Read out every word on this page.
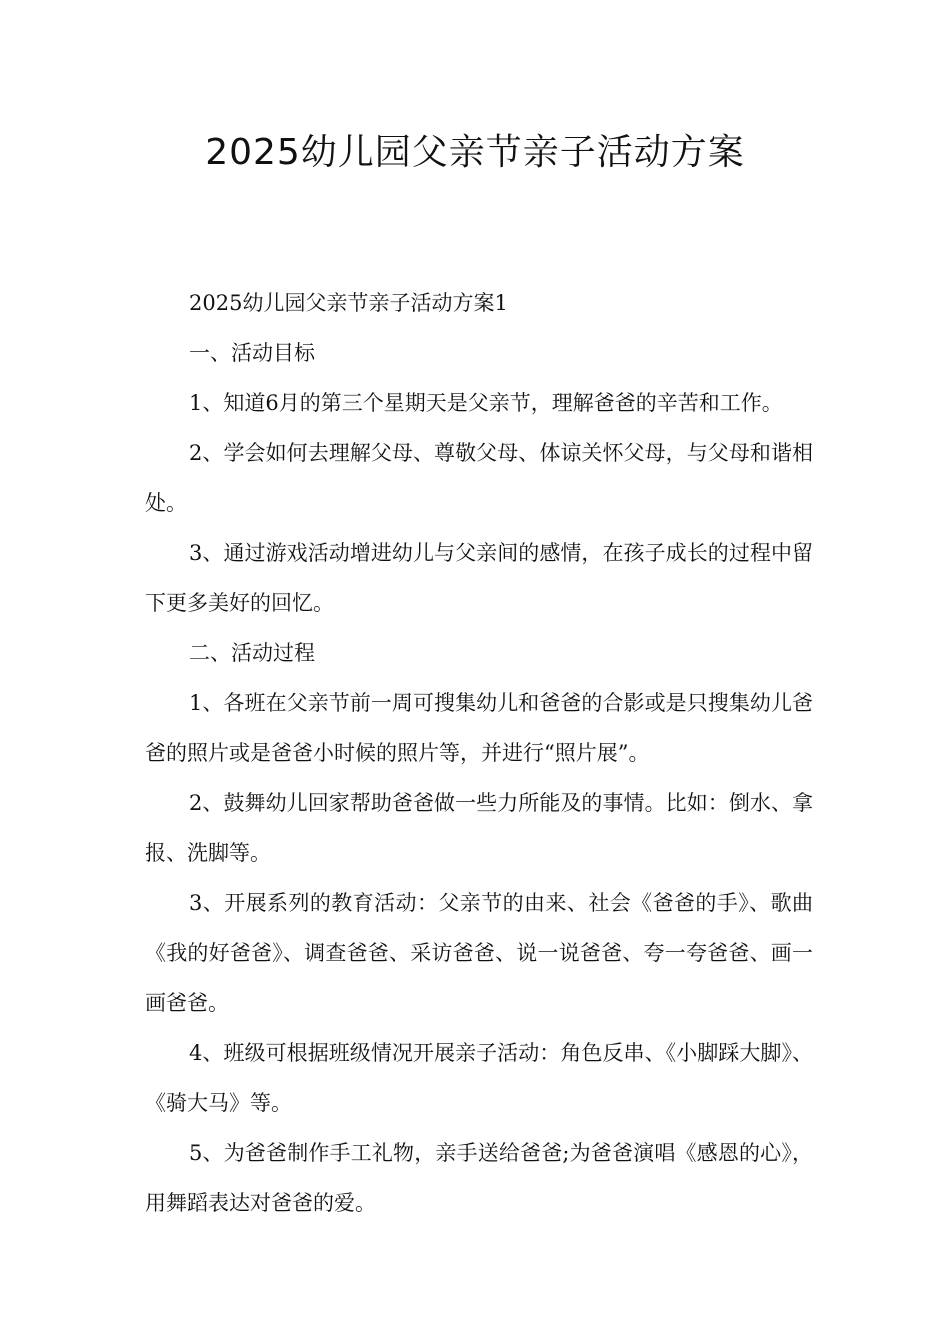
2025幼儿园父亲节亲子活动方案

2025幼儿园父亲节亲子活动方案1

一、活动目标

1、知道6月的第三个星期天是父亲节，理解爸爸的辛苦和工作。

2、学会如何去理解父母、尊敬父母、体谅关怀父母，与父母和谐相处。

3、通过游戏活动增进幼儿与父亲间的感情，在孩子成长的过程中留下更多美好的回忆。

二、活动过程

1、各班在父亲节前一周可搜集幼儿和爸爸的合影或是只搜集幼儿爸爸的照片或是爸爸小时候的照片等，并进行“照片展”。

2、鼓舞幼儿回家帮助爸爸做一些力所能及的事情。比如：倒水、拿报、洗脚等。

3、开展系列的教育活动：父亲节的由来、社会《爸爸的手》、歌曲《我的好爸爸》、调查爸爸、采访爸爸、说一说爸爸、夸一夸爸爸、画一画爸爸。

4、班级可根据班级情况开展亲子活动：角色反串、《小脚踩大脚》、《骑大马》等。

5、为爸爸制作手工礼物，亲手送给爸爸;为爸爸演唱《感恩的心》，用舞蹈表达对爸爸的爱。
